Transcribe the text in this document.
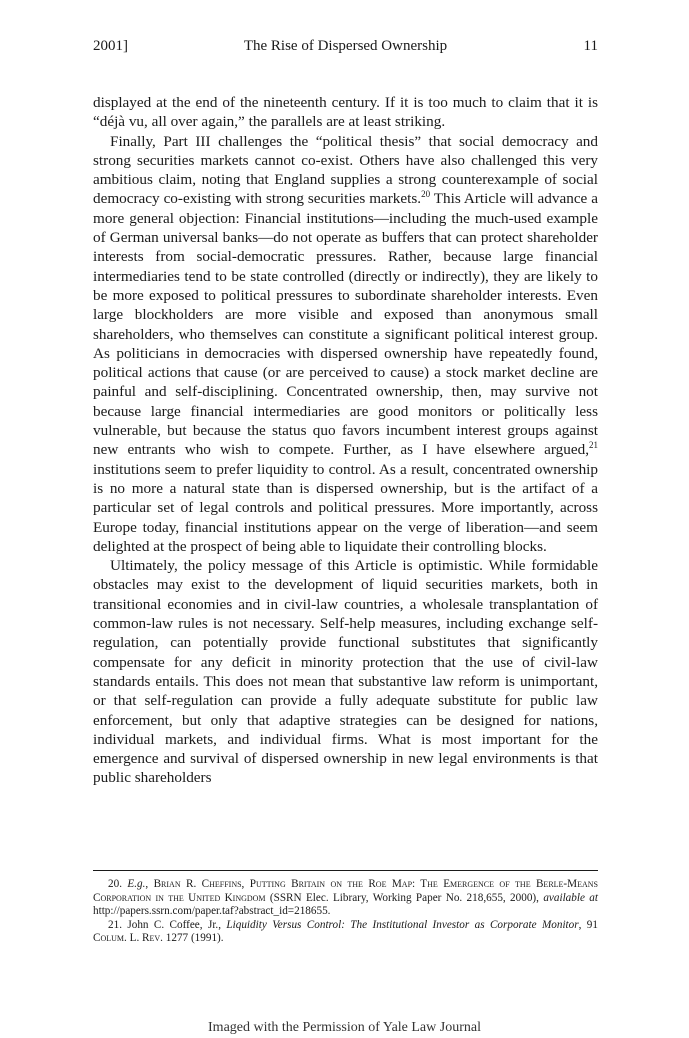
2001]	The Rise of Dispersed Ownership	11

displayed at the end of the nineteenth century. If it is too much to claim that it is “déjà vu, all over again,” the parallels are at least striking.

Finally, Part III challenges the “political thesis” that social democracy and strong securities markets cannot co-exist. Others have also challenged this very ambitious claim, noting that England supplies a strong counterexample of social democracy co-existing with strong securities markets.$^{20}$ This Article will advance a more general objection: Financial institutions—including the much-used example of German universal banks—do not operate as buffers that can protect shareholder interests from social-democratic pressures. Rather, because large financial intermediaries tend to be state controlled (directly or indirectly), they are likely to be more exposed to political pressures to subordinate shareholder interests. Even large blockholders are more visible and exposed than anonymous small shareholders, who themselves can constitute a significant political interest group. As politicians in democracies with dispersed ownership have repeatedly found, political actions that cause (or are perceived to cause) a stock market decline are painful and self-disciplining. Concentrated ownership, then, may survive not because large financial intermediaries are good monitors or politically less vulnerable, but because the status quo favors incumbent interest groups against new entrants who wish to compete. Further, as I have elsewhere argued,$^{21}$ institutions seem to prefer liquidity to control. As a result, concentrated ownership is no more a natural state than is dispersed ownership, but is the artifact of a particular set of legal controls and political pressures. More importantly, across Europe today, financial institutions appear on the verge of liberation—and seem delighted at the prospect of being able to liquidate their controlling blocks.

Ultimately, the policy message of this Article is optimistic. While formidable obstacles may exist to the development of liquid securities markets, both in transitional economies and in civil-law countries, a wholesale transplantation of common-law rules is not necessary. Self-help measures, including exchange self-regulation, can potentially provide functional substitutes that significantly compensate for any deficit in minority protection that the use of civil-law standards entails. This does not mean that substantive law reform is unimportant, or that self-regulation can provide a fully adequate substitute for public law enforcement, but only that adaptive strategies can be designed for nations, individual markets, and individual firms. What is most important for the emergence and survival of dispersed ownership in new legal environments is that public shareholders

20. E.g., Brian R. Cheffins, Putting Britain on the Roe Map: The Emergence of the Berle-Means Corporation in the United Kingdom (SSRN Elec. Library, Working Paper No. 218,655, 2000), available at http://papers.ssrn.com/paper.taf?abstract_id=218655.

21. John C. Coffee, Jr., Liquidity Versus Control: The Institutional Investor as Corporate Monitor, 91 Colum. L. Rev. 1277 (1991).

Imaged with the Permission of Yale Law Journal
